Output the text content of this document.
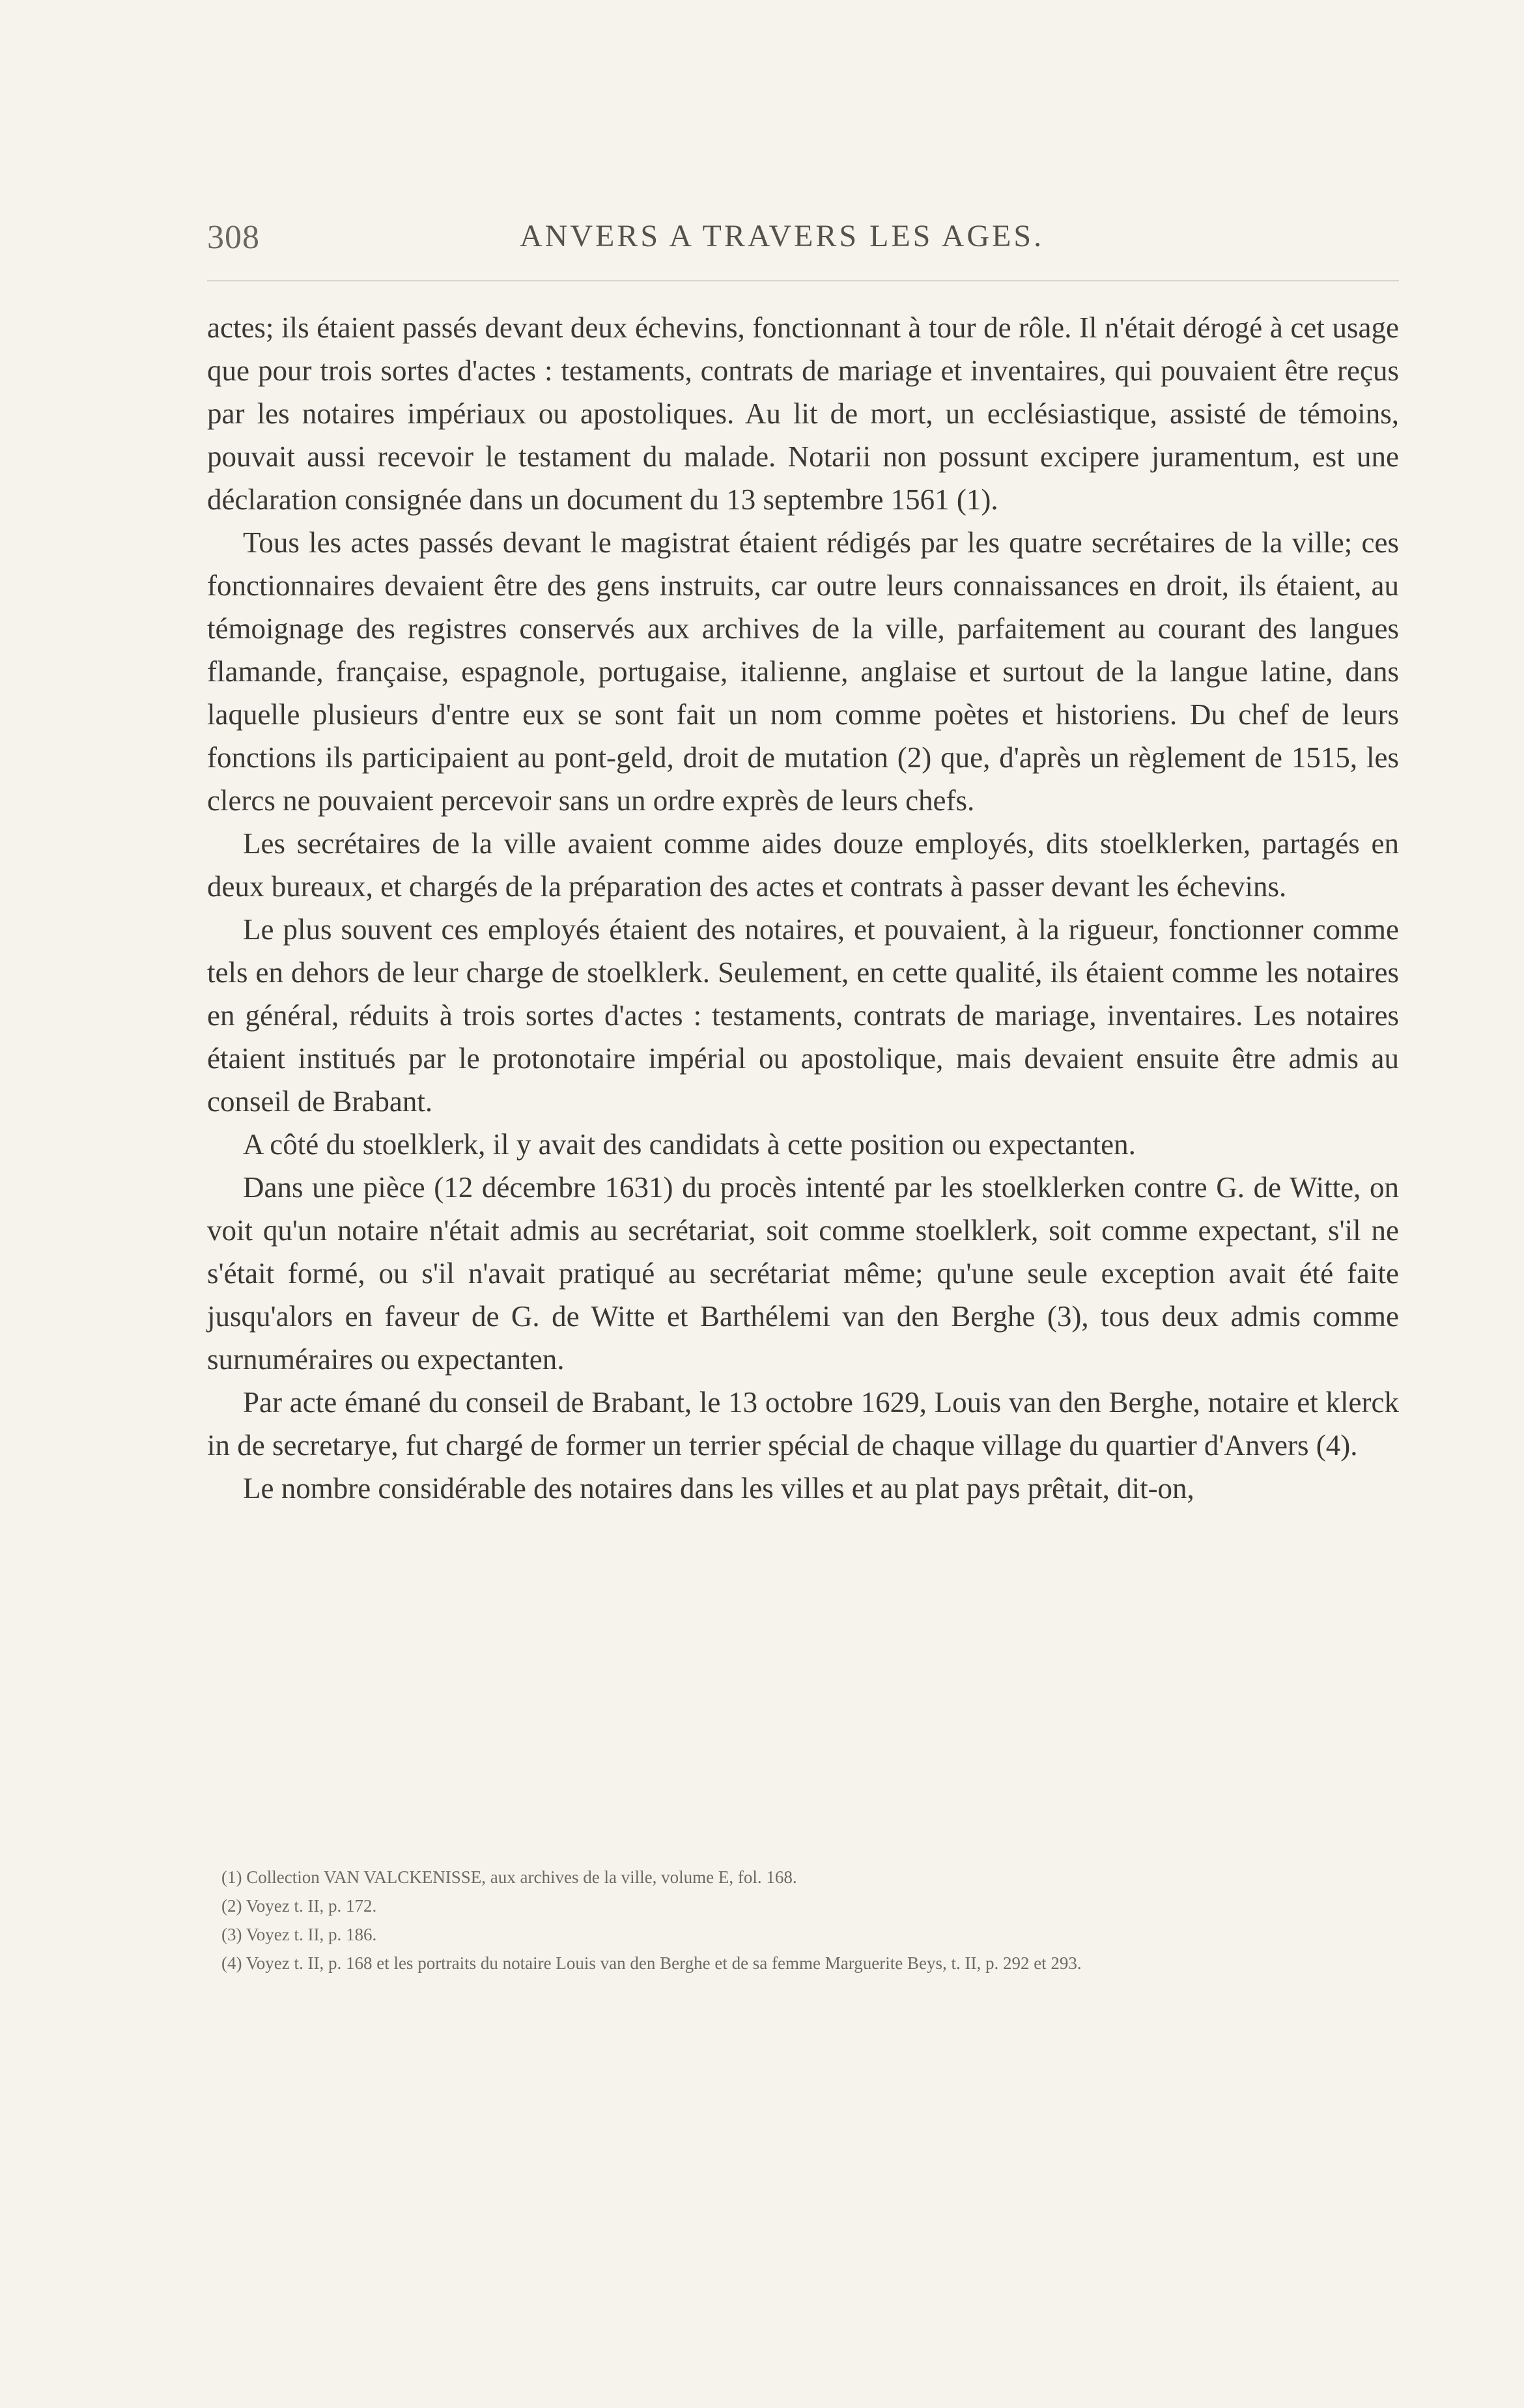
308	ANVERS A TRAVERS LES AGES.

actes; ils étaient passés devant deux échevins, fonctionnant à tour de rôle. Il n'était dérogé à cet usage que pour trois sortes d'actes : testaments, contrats de mariage et inventaires, qui pouvaient être reçus par les notaires impériaux ou apostoliques. Au lit de mort, un ecclésiastique, assisté de témoins, pouvait aussi recevoir le testament du malade. Notarii non possunt excipere juramentum, est une déclaration consignée dans un document du 13 septembre 1561 (1).

Tous les actes passés devant le magistrat étaient rédigés par les quatre secrétaires de la ville; ces fonctionnaires devaient être des gens instruits, car outre leurs connaissances en droit, ils étaient, au témoignage des registres conservés aux archives de la ville, parfaitement au courant des langues flamande, française, espagnole, portugaise, italienne, anglaise et surtout de la langue latine, dans laquelle plusieurs d'entre eux se sont fait un nom comme poètes et historiens. Du chef de leurs fonctions ils participaient au pont-geld, droit de mutation (2) que, d'après un règlement de 1515, les clercs ne pouvaient percevoir sans un ordre exprès de leurs chefs.

Les secrétaires de la ville avaient comme aides douze employés, dits stoelklerken, partagés en deux bureaux, et chargés de la préparation des actes et contrats à passer devant les échevins.

Le plus souvent ces employés étaient des notaires, et pouvaient, à la rigueur, fonctionner comme tels en dehors de leur charge de stoelklerk. Seulement, en cette qualité, ils étaient comme les notaires en général, réduits à trois sortes d'actes : testaments, contrats de mariage, inventaires. Les notaires étaient institués par le protonotaire impérial ou apostolique, mais devaient ensuite être admis au conseil de Brabant.

A côté du stoelklerk, il y avait des candidats à cette position ou expectanten.

Dans une pièce (12 décembre 1631) du procès intenté par les stoelklerken contre G. de Witte, on voit qu'un notaire n'était admis au secrétariat, soit comme stoelklerk, soit comme expectant, s'il ne s'était formé, ou s'il n'avait pratiqué au secrétariat même; qu'une seule exception avait été faite jusqu'alors en faveur de G. de Witte et Barthélemi van den Berghe (3), tous deux admis comme surnuméraires ou expectanten.

Par acte émané du conseil de Brabant, le 13 octobre 1629, Louis van den Berghe, notaire et klerck in de secretarye, fut chargé de former un terrier spécial de chaque village du quartier d'Anvers (4).

Le nombre considérable des notaires dans les villes et au plat pays prêtait, dit-on,

(1) Collection VAN VALCKENISSE, aux archives de la ville, volume E, fol. 168.

(2) Voyez t. II, p. 172.

(3) Voyez t. II, p. 186.

(4) Voyez t. II, p. 168 et les portraits du notaire Louis van den Berghe et de sa femme Marguerite Beys, t. II, p. 292 et 293.
